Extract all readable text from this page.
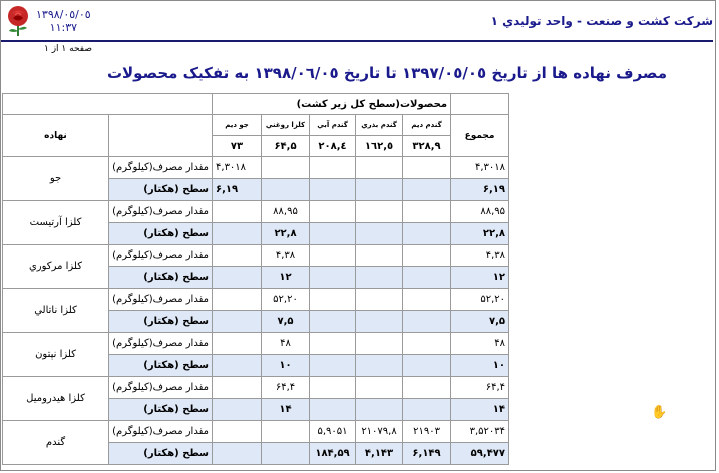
١٣٩٨/٠٥/٠٥
١١:٣٧	شرکت کشت و صنعت - واحد توليدي ١
صفحه ١ از ١
مصرف نهاده ها از تاريخ ١٣٩٧/٠٥/٠٥ تا تاريخ ١٣٩٨/٠٦/٠٥ به تفکيک محصولات
	محصولات(سطح کل زير کشت)						
مجموع	گندم ديم	گندم بذري	گندم آبي	کلزا روغني	جو ديم		نهاده
	٣٢٨,٩	١٦٢,٥	٢٠٨,٤	۶۴,۵	٧٣		
٣٠١٨,۴					٣٠١٨,۴	مقدار مصرف(کيلوگرم)	جو
١٩,۶					١٩,۶	سطح (هکتار)	
٨٨,٩۵				٨٨,٩۵		مقدار مصرف(کيلوگرم)	کلزا آرتيست
٢٢,٨				٢٢,٨		سطح (هکتار)	
٣٨,۴				٣٨,۴		مقدار مصرف(کيلوگرم)	کلزا مرکوري
١٢				١٢		سطح (هکتار)	
٢٠,۵٢				٢٠,۵٢		مقدار مصرف(کيلوگرم)	کلزا ناتالي
۵,٧				۵,٧		سطح (هکتار)	
۴٨				۴٨		مقدار مصرف(کيلوگرم)	کلزا نپتون
١٠				١٠		سطح (هکتار)	
۶۴,۴				۶۴,۴		مقدار مصرف(کيلوگرم)	کلزا هيدروميل
١۴				١۴		سطح (هکتار)	
۵٢٠٣۴,٣	٢١٩٠٣	٢١٠٧٩,٨	٩٠۵١,۵			مقدار مصرف(کيلوگرم)	گندم
۴٧٧,۵٩	١۴٩,۶	١۴٣,۴	١٨۴,۵٩			سطح (هکتار)	
✋
